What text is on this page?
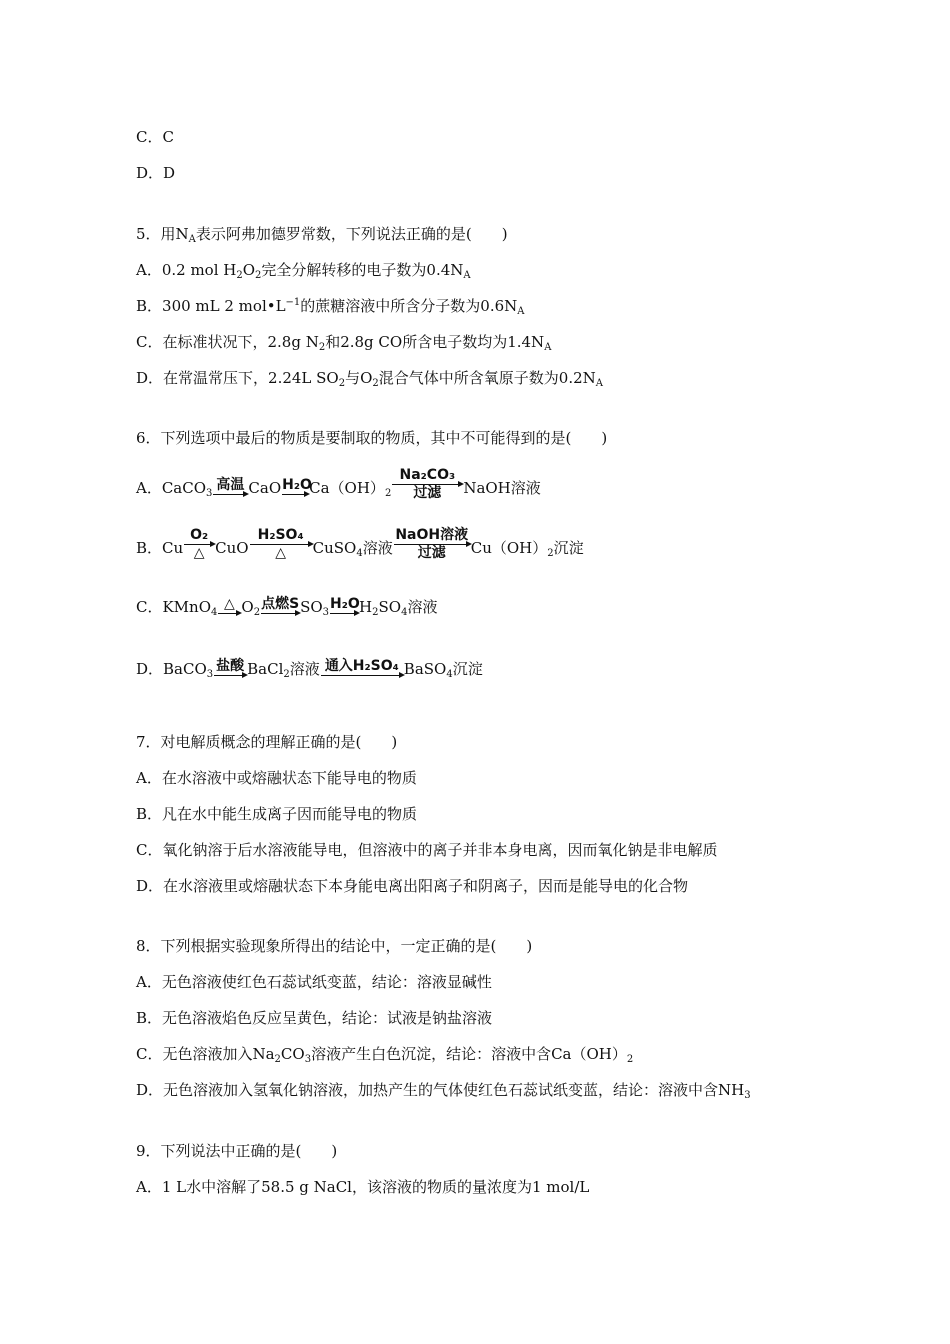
C．C
D．D
5．用$N_A$表示阿弗加德罗常数，下列说法正确的是(　　)
A．0.2 mol $H_2O_2$完全分解转移的电子数为$0.4N_A$
B．300 mL 2 $mol•L^{-1}$的蔗糖溶液中所含分子数为$0.6N_A$
C．在标准状况下，2.8g $N_2$和2.8g CO所含电子数均为$1.4N_A$
D．在常温常压下，2.24L $SO_2$与$O_2$混合气体中所含氧原子数为$0.2N_A$
6．下列选项中最后的物质是要制取的物质，其中不可能得到的是(　　)
A．CaCO$_3$
高温 CaO H₂O
$Ca(OH)_2$
Na₂CO₃
过滤	NaOH溶液
B．Cu
O₂
△ CuO
H₂SO₄
△	CuSO$_4$溶液
NaOH溶液
过滤	$Cu(OH)_2$沉淀
C．KMnO$_4$
△ $O_2$
点燃S $SO_3$
H₂O $H_2SO_4$溶液
D．BaCO$_3$
盐酸 BaCl$_2$溶液 通入H₂SO₄ BaSO$_4$沉淀
7．对电解质概念的理解正确的是(　　)
A．在水溶液中或熔融状态下能导电的物质
B．凡在水中能生成离子因而能导电的物质
C．氧化钠溶于后水溶液能导电，但溶液中的离子并非本身电离，因而氧化钠是非电解质
D．在水溶液里或熔融状态下本身能电离出阳离子和阴离子，因而是能导电的化合物
8．下列根据实验现象所得出的结论中，一定正确的是(　　)
A．无色溶液使红色石蕊试纸变蓝，结论：溶液显碱性
B．无色溶液焰色反应呈黄色，结论：试液是钠盐溶液
C．无色溶液加入$Na_2CO_3$溶液产生白色沉淀，结论：溶液中含$Ca(OH)_2$
D．无色溶液加入氢氧化钠溶液，加热产生的气体使红色石蕊试纸变蓝，结论：溶液中含$NH_3$
9．下列说法中正确的是(　　)
A．1 L水中溶解了58.5 g NaCl，该溶液的物质的量浓度为1 mol/L
